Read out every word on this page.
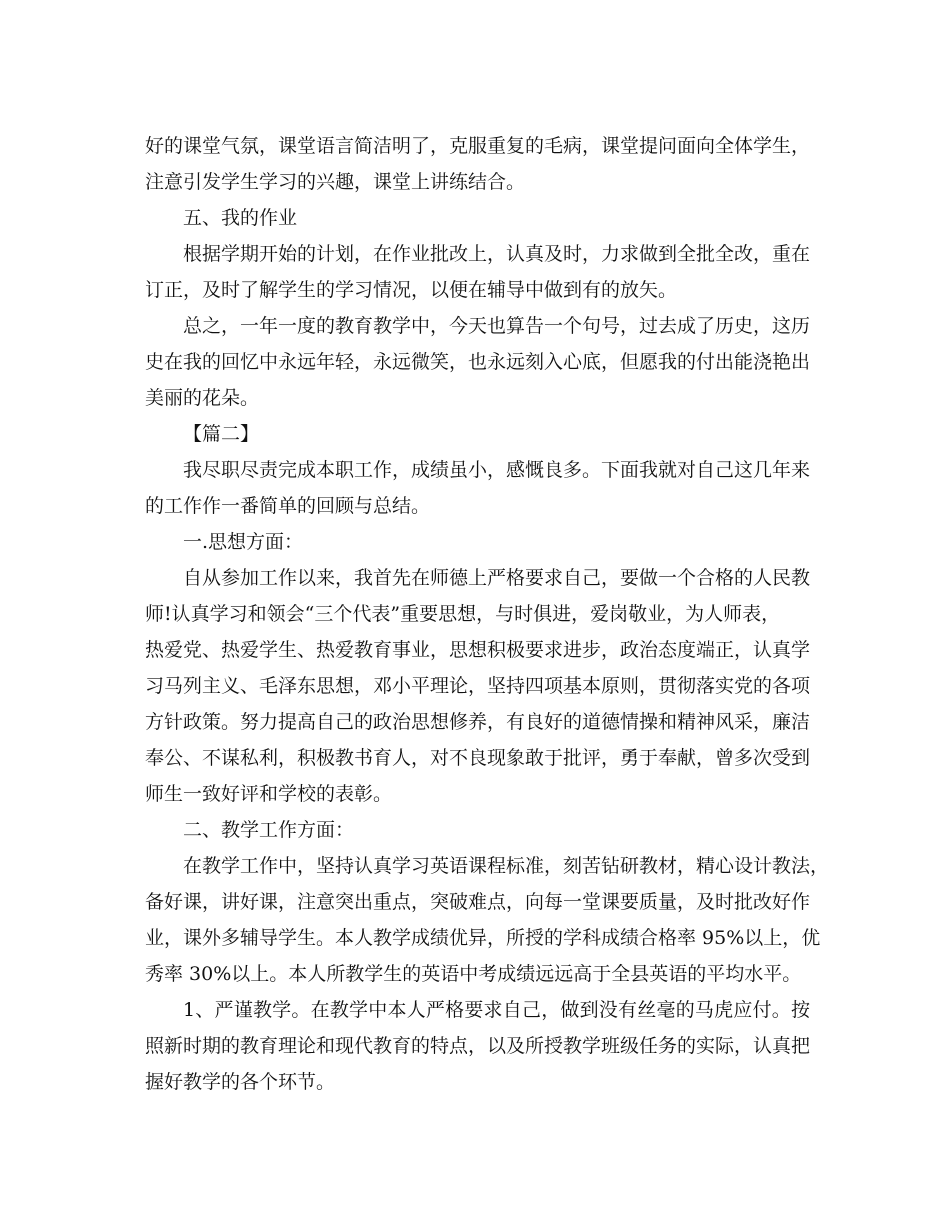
好的课堂气氛，课堂语言简洁明了，克服重复的毛病，课堂提问面向全体学生，
注意引发学生学习的兴趣，课堂上讲练结合。
五、我的作业
根据学期开始的计划，在作业批改上，认真及时，力求做到全批全改，重在
订正，及时了解学生的学习情况，以便在辅导中做到有的放矢。
总之，一年一度的教育教学中，今天也算告一个句号，过去成了历史，这历
史在我的回忆中永远年轻，永远微笑，也永远刻入心底，但愿我的付出能浇艳出
美丽的花朵。
【篇二】
我尽职尽责完成本职工作，成绩虽小，感慨良多。下面我就对自己这几年来
的工作作一番简单的回顾与总结。
一.思想方面：
自从参加工作以来，我首先在师德上严格要求自己，要做一个合格的人民教
师!认真学习和领会“三个代表”重要思想，与时俱进，爱岗敬业，为人师表，
热爱党、热爱学生、热爱教育事业，思想积极要求进步，政治态度端正，认真学
习马列主义、毛泽东思想，邓小平理论，坚持四项基本原则，贯彻落实党的各项
方针政策。努力提高自己的政治思想修养，有良好的道德情操和精神风采，廉洁
奉公、不谋私利，积极教书育人，对不良现象敢于批评，勇于奉献，曾多次受到
师生一致好评和学校的表彰。
二、教学工作方面：
在教学工作中，坚持认真学习英语课程标准，刻苦钻研教材，精心设计教法，
备好课，讲好课，注意突出重点，突破难点，向每一堂课要质量，及时批改好作
业，课外多辅导学生。本人教学成绩优异，所授的学科成绩合格率 95%以上，优
秀率 30%以上。本人所教学生的英语中考成绩远远高于全县英语的平均水平。
1、严谨教学。在教学中本人严格要求自己，做到没有丝毫的马虎应付。按
照新时期的教育理论和现代教育的特点，以及所授教学班级任务的实际，认真把
握好教学的各个环节。
